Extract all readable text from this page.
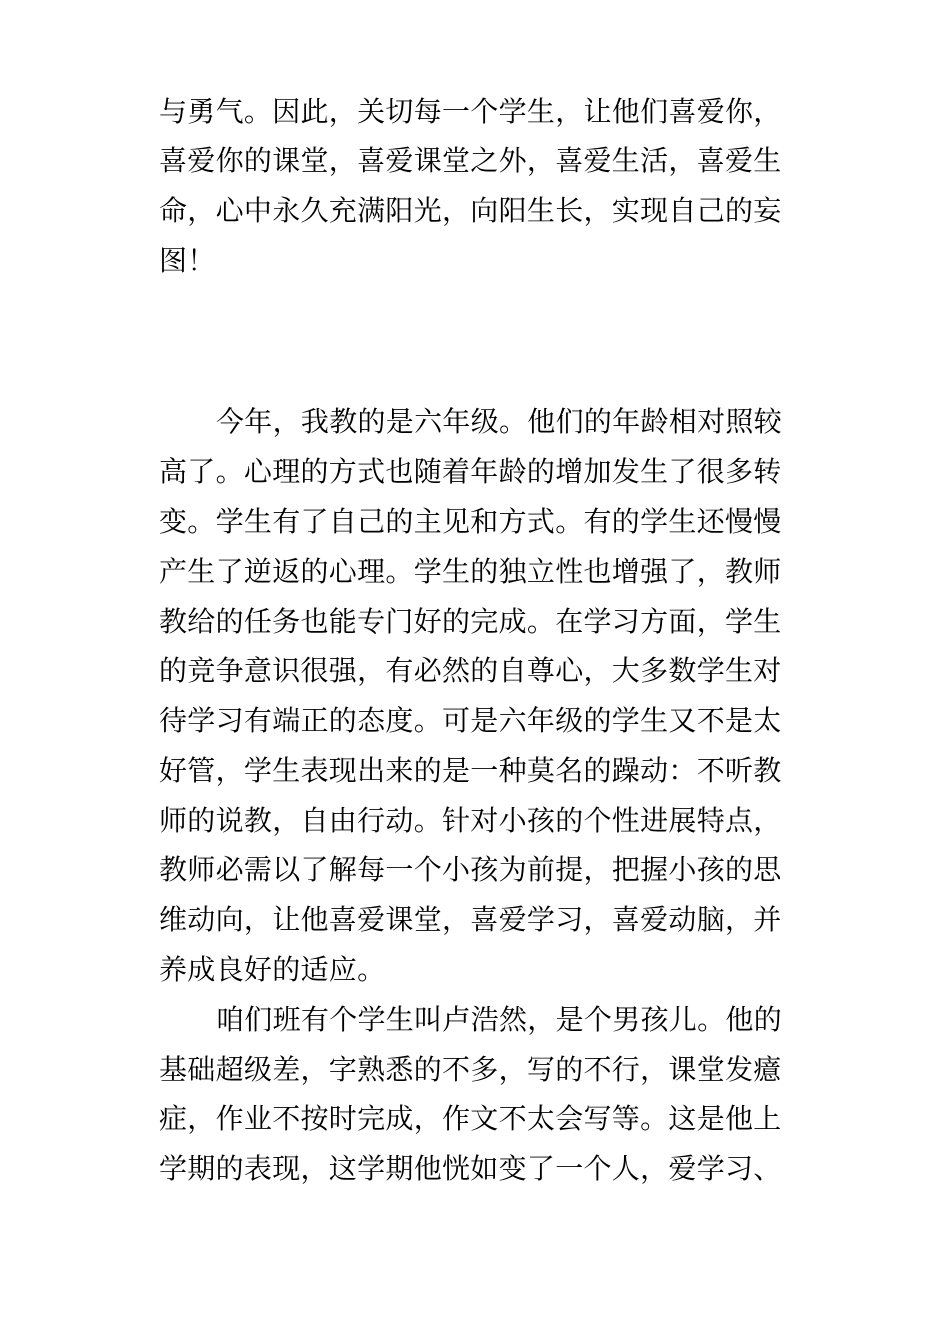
与勇气。因此，关切每一个学生，让他们喜爱你，
喜爱你的课堂，喜爱课堂之外，喜爱生活，喜爱生
命，心中永久充满阳光，向阳生长，实现自己的妄
图！
今年，我教的是六年级。他们的年龄相对照较
高了。心理的方式也随着年龄的增加发生了很多转
变。学生有了自己的主见和方式。有的学生还慢慢
产生了逆返的心理。学生的独立性也增强了，教师
教给的任务也能专门好的完成。在学习方面，学生
的竞争意识很强，有必然的自尊心，大多数学生对
待学习有端正的态度。可是六年级的学生又不是太
好管，学生表现出来的是一种莫名的躁动：不听教
师的说教，自由行动。针对小孩的个性进展特点，
教师必需以了解每一个小孩为前提，把握小孩的思
维动向，让他喜爱课堂，喜爱学习，喜爱动脑，并
养成良好的适应。
咱们班有个学生叫卢浩然，是个男孩儿。他的
基础超级差，字熟悉的不多，写的不行，课堂发癔
症，作业不按时完成，作文不太会写等。这是他上
学期的表现，这学期他恍如变了一个人，爱学习、
